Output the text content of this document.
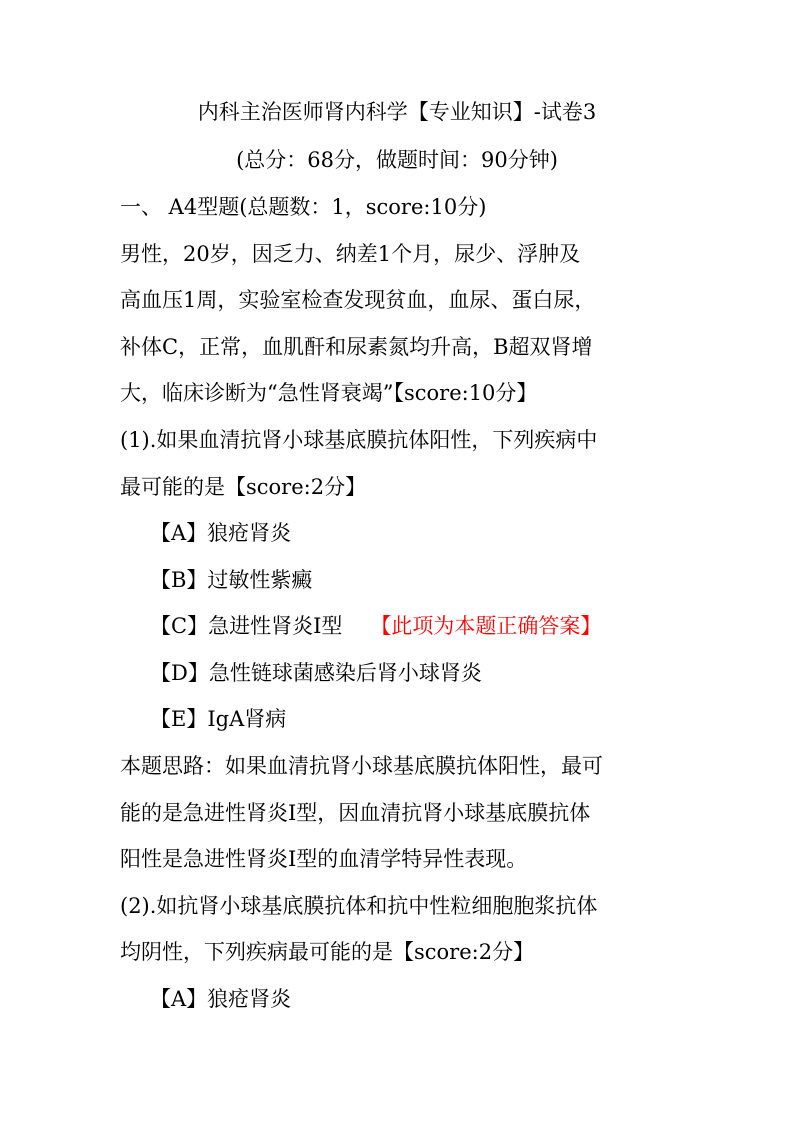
内科主治医师肾内科学【专业知识】-试卷3
(总分：68分，做题时间：90分钟)
一、 A4型题(总题数：1，score:10分)
男性，20岁，因乏力、纳差1个月，尿少、浮肿及
高血压1周，实验室检查发现贫血，血尿、蛋白尿，
补体C，正常，血肌酐和尿素氮均升高，B超双肾增
大，临床诊断为“急性肾衰竭”【score:10分】
(1).如果血清抗肾小球基底膜抗体阳性，下列疾病中
最可能的是【score:2分】
【A】狼疮肾炎
【B】过敏性紫癜
【C】急进性肾炎Ⅰ型 【此项为本题正确答案】
【D】急性链球菌感染后肾小球肾炎
【E】IgA肾病
本题思路：如果血清抗肾小球基底膜抗体阳性，最可
能的是急进性肾炎Ⅰ型，因血清抗肾小球基底膜抗体
阳性是急进性肾炎Ⅰ型的血清学特异性表现。
(2).如抗肾小球基底膜抗体和抗中性粒细胞胞浆抗体
均阴性，下列疾病最可能的是【score:2分】
【A】狼疮肾炎
